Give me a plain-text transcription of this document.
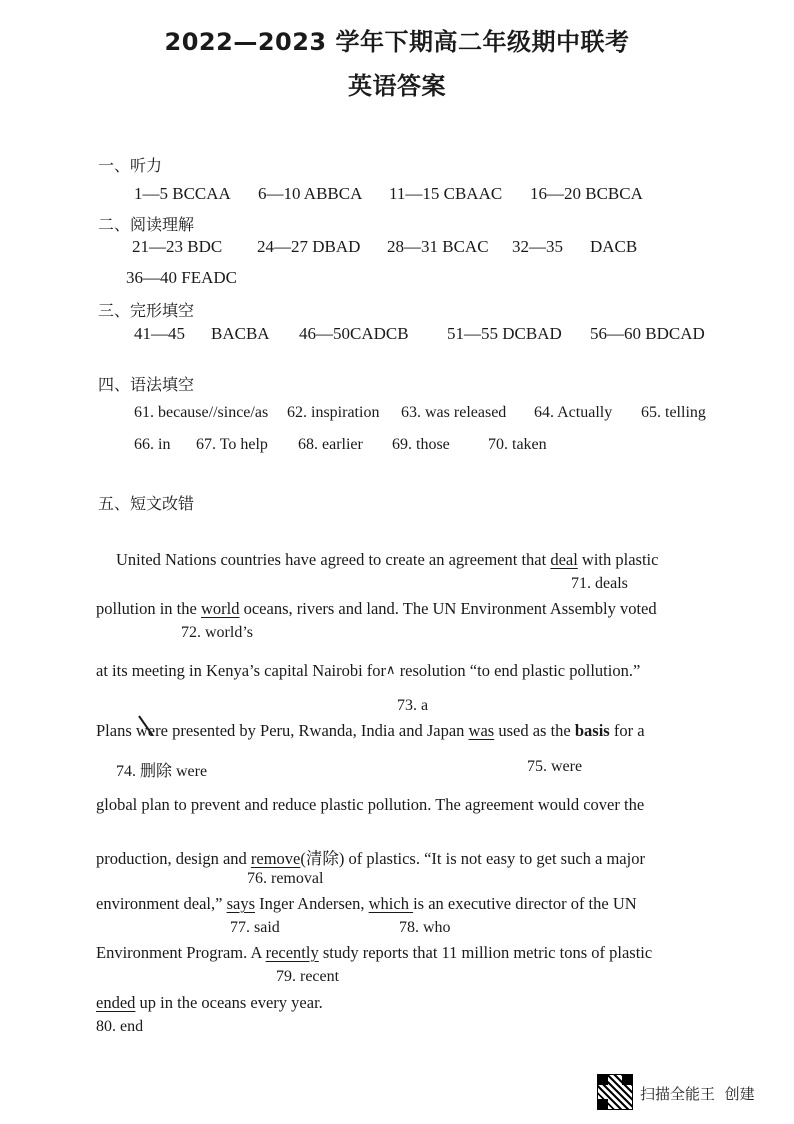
2022—2023 学年下期高二年级期中联考
英语答案
一、听力
1—5 BCCAA 6—10 ABBCA 11—15 CBAAC 16—20 BCBCA
二、阅读理解
21—23 BDC 24—27 DBAD 28—31 BCAC 32—35 DACB
36—40 FEADC
三、完形填空
41—45 BACBA 46—50CADCB 51—55 DCBAD 56—60 BDCAD
四、语法填空
61. because//since/as 62. inspiration 63. was released 64. Actually 65. telling
66. in 67. To help 68. earlier 69. those 70. taken
五、短文改错
United Nations countries have agreed to create an agreement that deal with plastic
71. deals
pollution in the world oceans, rivers and land. The UN Environment Assembly voted
72. world’s
at its meeting in Kenya’s capital Nairobi for∧ resolution “to end plastic pollution.”
73. a
Plans were presented by Peru, Rwanda, India and Japan was used as the basis for a
74. 删除 were	75. were
global plan to prevent and reduce plastic pollution. The agreement would cover the
production, design and remove(清除) of plastics. “It is not easy to get such a major
76. removal
environment deal,” says Inger Andersen, which is an executive director of the UN
77. said	78. who
Environment Program. A recently study reports that 11 million metric tons of plastic
79. recent
ended up in the oceans every year.
80. end
扫描全能王 创建
